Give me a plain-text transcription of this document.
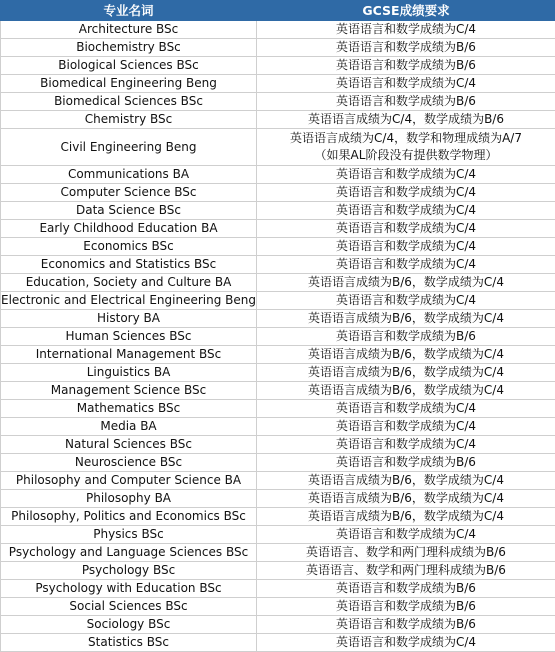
专业名词	GCSE成绩要求
Architecture BSc	英语语言和数学成绩为C/4

Biochemistry BSc	英语语言和数学成绩为B/6

Biological Sciences BSc	英语语言和数学成绩为B/6

Biomedical Engineering Beng	英语语言和数学成绩为C/4

Biomedical Sciences BSc	英语语言和数学成绩为B/6

Chemistry BSc	英语语言成绩为C/4，数学成绩为B/6

Civil Engineering Beng	英语语言成绩为C/4，数学和物理成绩为A/7
（如果AL阶段没有提供数学物理）

Communications BA	英语语言和数学成绩为C/4

Computer Science BSc	英语语言和数学成绩为C/4

Data Science BSc	英语语言和数学成绩为C/4

Early Childhood Education BA	英语语言和数学成绩为C/4

Economics BSc	英语语言和数学成绩为C/4

Economics and Statistics BSc	英语语言和数学成绩为C/4

Education, Society and Culture BA	英语语言成绩为B/6，数学成绩为C/4

Electronic and Electrical Engineering Beng	英语语言和数学成绩为C/4

History BA	英语语言成绩为B/6，数学成绩为C/4

Human Sciences BSc	英语语言和数学成绩为B/6

International Management BSc	英语语言成绩为B/6，数学成绩为C/4

Linguistics BA	英语语言成绩为B/6，数学成绩为C/4

Management Science BSc	英语语言成绩为B/6，数学成绩为C/4

Mathematics BSc	英语语言和数学成绩为C/4

Media BA	英语语言和数学成绩为C/4

Natural Sciences BSc	英语语言和数学成绩为C/4

Neuroscience BSc	英语语言和数学成绩为B/6

Philosophy and Computer Science BA	英语语言成绩为B/6，数学成绩为C/4

Philosophy BA	英语语言成绩为B/6，数学成绩为C/4

Philosophy, Politics and Economics BSc	英语语言成绩为B/6，数学成绩为C/4

Physics BSc	英语语言和数学成绩为C/4

Psychology and Language Sciences BSc	英语语言、数学和两门理科成绩为B/6

Psychology BSc	英语语言、数学和两门理科成绩为B/6

Psychology with Education BSc	英语语言和数学成绩为B/6

Social Sciences BSc	英语语言和数学成绩为B/6

Sociology BSc	英语语言和数学成绩为B/6

Statistics BSc	英语语言和数学成绩为C/4
